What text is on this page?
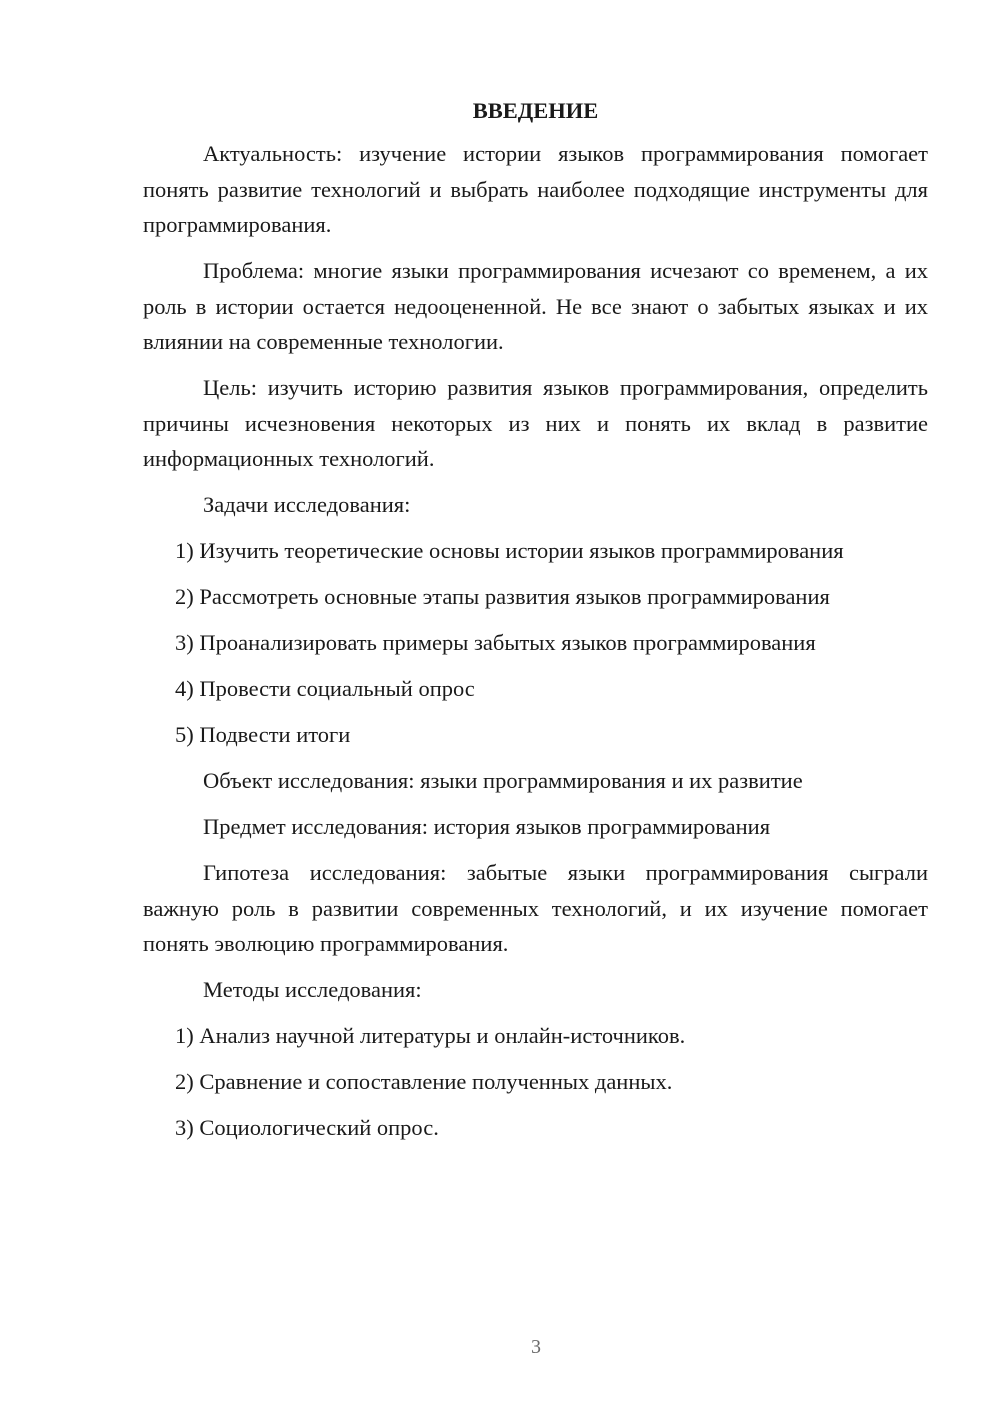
ВВЕДЕНИЕ
Актуальность: изучение истории языков программирования помогает понять развитие технологий и выбрать наиболее подходящие инструменты для программирования.
Проблема: многие языки программирования исчезают со временем, а их роль в истории остается недооцененной. Не все знают о забытых языках и их влиянии на современные технологии.
Цель: изучить историю развития языков программирования, определить причины исчезновения некоторых из них и понять их вклад в развитие информационных технологий.
Задачи исследования:
1) Изучить теоретические основы истории языков программирования
2) Рассмотреть основные этапы развития языков программирования
3) Проанализировать примеры забытых языков программирования
4) Провести социальный опрос
5) Подвести итоги
Объект исследования: языки программирования и их развитие
Предмет исследования: история языков программирования
Гипотеза исследования: забытые языки программирования сыграли важную роль в развитии современных технологий, и их изучение помогает понять эволюцию программирования.
Методы исследования:
1) Анализ научной литературы и онлайн-источников.
2) Сравнение и сопоставление полученных данных.
3) Социологический опрос.
3
